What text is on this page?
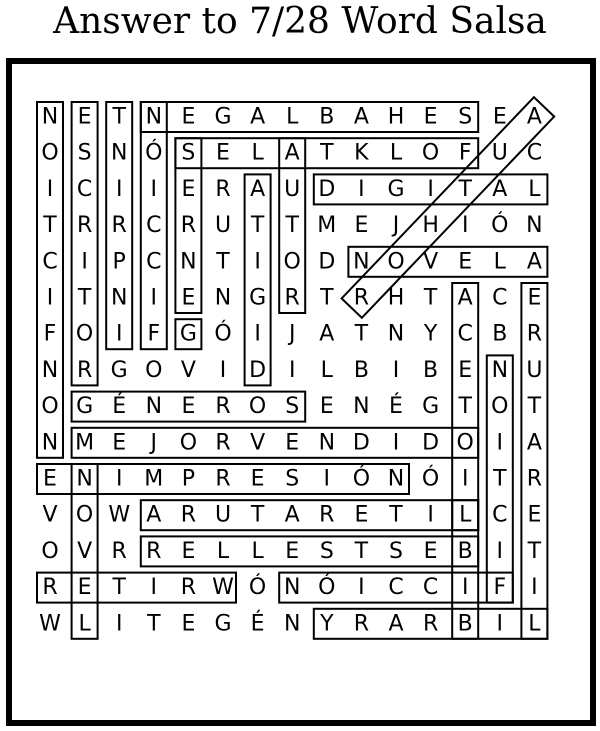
Answer to 7/28 Word Salsa
N E T N E G A L B A H E S E A
O S N Ó S E L A T K L O F U C
I C I I E R A U D I G I T A L
T R R C R U T T M E J H I Ó N
C I P C N T I O D N O V E L A
I T N I E N G R T R H T A C E
F O I F G Ó I J A T N Y C B R
N R G O V I D I L B I B E N U
O G É N E R O S E N É G T O T
N M E J O R V E N D I D O I A
E N I M P R E S I Ó N Ó I T R
V O W A R U T A R E T I L C E
O V R R E L L E S T S E B I T
R E T I R W Ó N Ó I C C I F I
W L I T E G É N Y R A R B I L
